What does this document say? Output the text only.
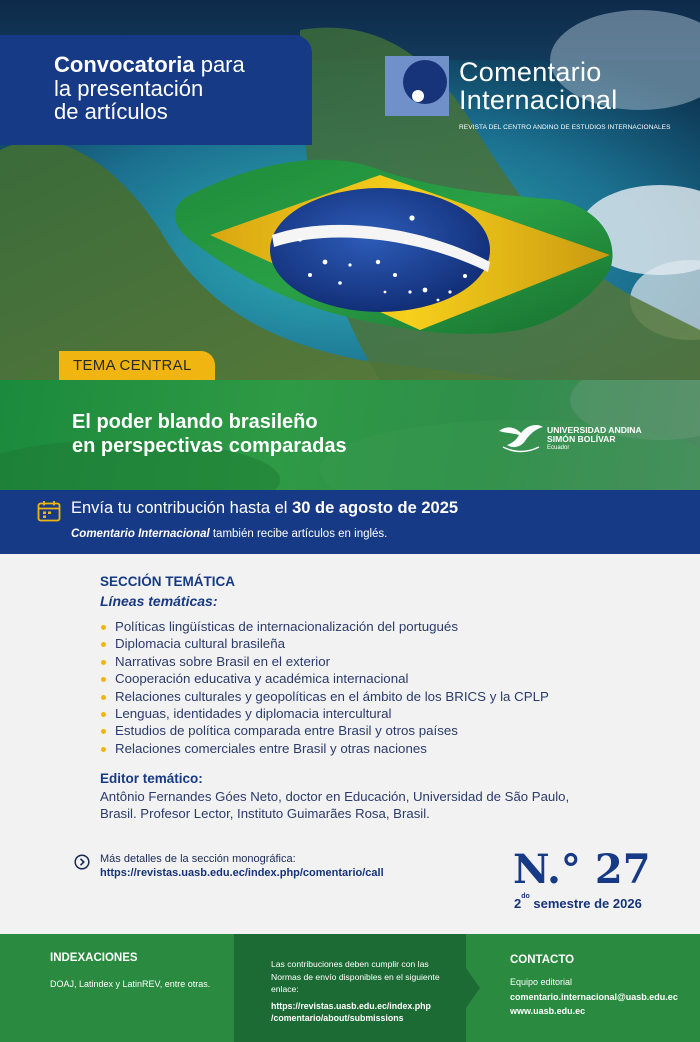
Convocatoria para
la presentación
de artículos
Comentario
Internacional
REVISTA DEL CENTRO ANDINO DE ESTUDIOS INTERNACIONALES
TEMA CENTRAL
El poder blando brasileño
en perspectivas comparadas
UNIVERSIDAD ANDINA
SIMÓN BOLÍVAR
Ecuador
Envía tu contribución hasta el 30 de agosto de 2025
Comentario Internacional también recibe artículos en inglés.
SECCIÓN TEMÁTICA
Líneas temáticas:
Políticas lingüísticas de internacionalización del portugués
Diplomacia cultural brasileña
Narrativas sobre Brasil en el exterior
Cooperación educativa y académica internacional
Relaciones culturales y geopolíticas en el ámbito de los BRICS y la CPLP
Lenguas, identidades y diplomacia intercultural
Estudios de política comparada entre Brasil y otros países
Relaciones comerciales entre Brasil y otras naciones
Editor temático:
Antônio Fernandes Góes Neto, doctor en Educación, Universidad de São Paulo, Brasil. Profesor Lector, Instituto Guimarães Rosa, Brasil.
Más detalles de la sección monográfica:
https://revistas.uasb.edu.ec/index.php/comentario/call	N.° 27
$2^{do}$ semestre de 2026
INDEXACIONES
DOAJ, Latindex y LatinREV, entre otras.
Las contribuciones deben cumplir con las Normas de envío disponibles en el siguiente enlace:
https://revistas.uasb.edu.ec/index.php
/comentario/about/submissions
CONTACTO
Equipo editorial
comentario.internacional@uasb.edu.ec
www.uasb.edu.ec
